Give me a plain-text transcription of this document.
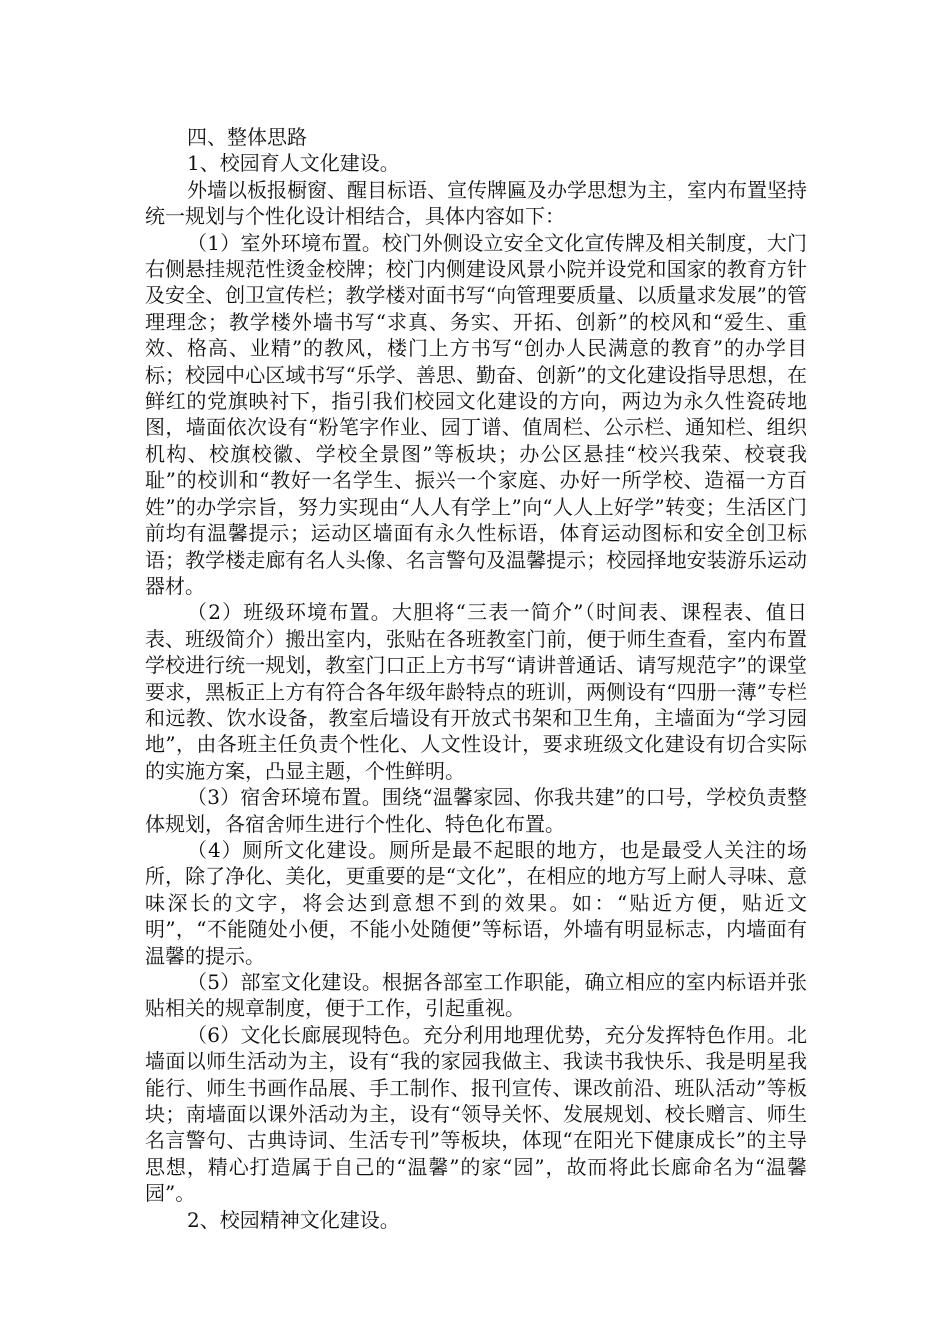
四、整体思路

1、校园育人文化建设。

外墙以板报橱窗、醒目标语、宣传牌匾及办学思想为主，室内布置坚持统一规划与个性化设计相结合，具体内容如下：

（1）室外环境布置。校门外侧设立安全文化宣传牌及相关制度，大门右侧悬挂规范性烫金校牌；校门内侧建设风景小院并设党和国家的教育方针及安全、创卫宣传栏；教学楼对面书写“向管理要质量、以质量求发展”的管理理念；教学楼外墙书写“求真、务实、开拓、创新”的校风和“爱生、重效、格高、业精”的教风，楼门上方书写“创办人民满意的教育”的办学目标；校园中心区域书写“乐学、善思、勤奋、创新”的文化建设指导思想，在鲜红的党旗映衬下，指引我们校园文化建设的方向，两边为永久性瓷砖地图，墙面依次设有“粉笔字作业、园丁谱、值周栏、公示栏、通知栏、组织机构、校旗校徽、学校全景图”等板块；办公区悬挂“校兴我荣、校衰我耻”的校训和“教好一名学生、振兴一个家庭、办好一所学校、造福一方百姓”的办学宗旨，努力实现由“人人有学上”向“人人上好学”转变；生活区门前均有温馨提示；运动区墙面有永久性标语，体育运动图标和安全创卫标语；教学楼走廊有名人头像、名言警句及温馨提示；校园择地安装游乐运动器材。

（2）班级环境布置。大胆将“三表一简介”（时间表、课程表、值日表、班级简介）搬出室内，张贴在各班教室门前，便于师生查看，室内布置学校进行统一规划，教室门口正上方书写“请讲普通话、请写规范字”的课堂要求，黑板正上方有符合各年级年龄特点的班训，两侧设有“四册一薄”专栏和远教、饮水设备，教室后墙设有开放式书架和卫生角，主墙面为“学习园地”，由各班主任负责个性化、人文性设计，要求班级文化建设有切合实际的实施方案，凸显主题，个性鲜明。

（3）宿舍环境布置。围绕“温馨家园、你我共建”的口号，学校负责整体规划，各宿舍师生进行个性化、特色化布置。

（4）厕所文化建设。厕所是最不起眼的地方，也是最受人关注的场所，除了净化、美化，更重要的是“文化”，在相应的地方写上耐人寻味、意味深长的文字，将会达到意想不到的效果。如：“贴近方便，贴近文明”，“不能随处小便，不能小处随便”等标语，外墙有明显标志，内墙面有温馨的提示。

（5）部室文化建设。根据各部室工作职能，确立相应的室内标语并张贴相关的规章制度，便于工作，引起重视。

（6）文化长廊展现特色。充分利用地理优势，充分发挥特色作用。北墙面以师生活动为主，设有“我的家园我做主、我读书我快乐、我是明星我能行、师生书画作品展、手工制作、报刊宣传、课改前沿、班队活动”等板块；南墙面以课外活动为主，设有“领导关怀、发展规划、校长赠言、师生名言警句、古典诗词、生活专刊”等板块，体现“在阳光下健康成长”的主导思想，精心打造属于自己的“温馨”的家“园”，故而将此长廊命名为“温馨园”。

2、校园精神文化建设。
